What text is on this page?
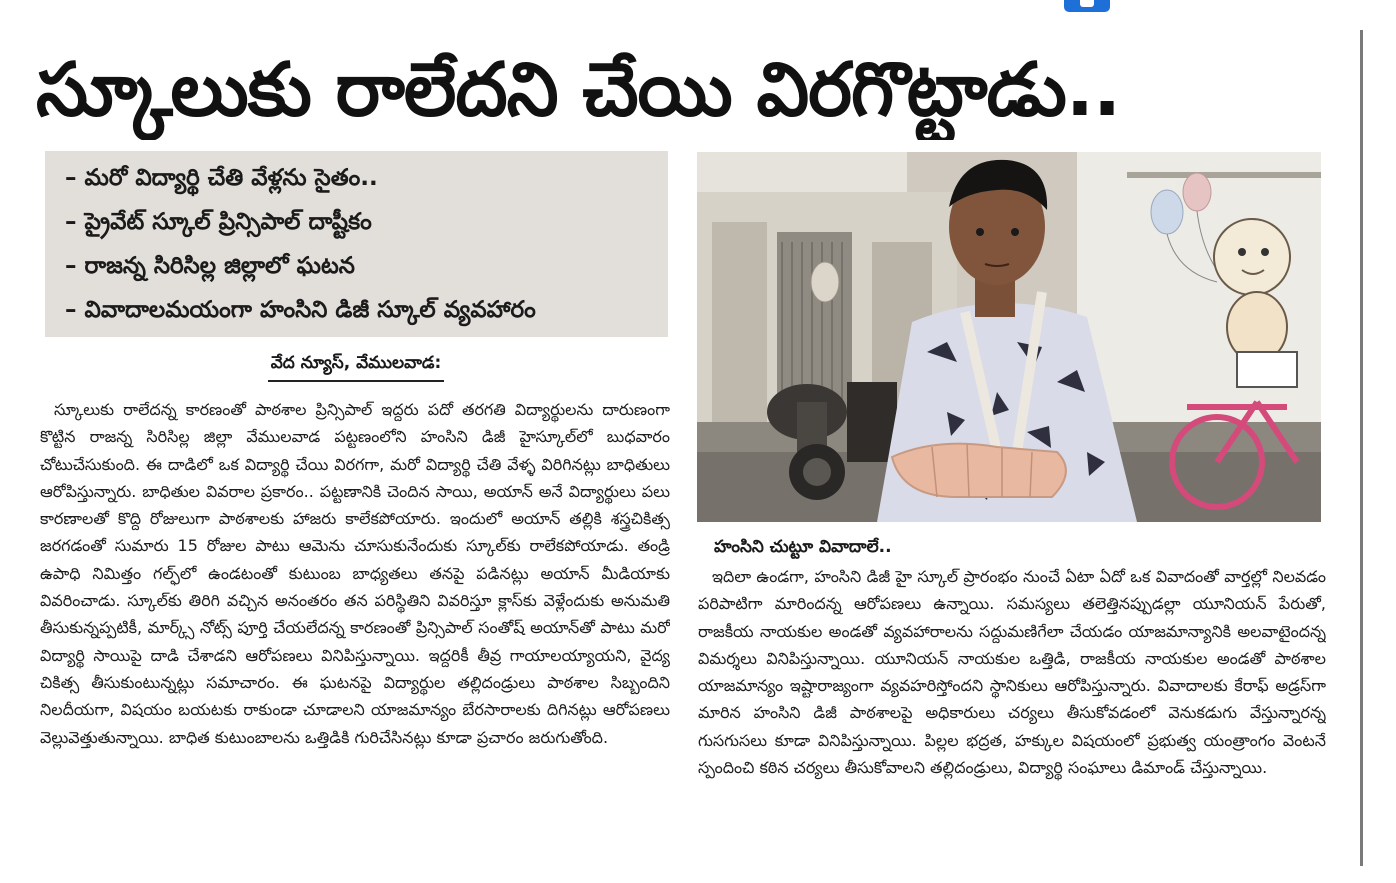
స్కూలుకు రాలేదని చేయి విరగొట్టాడు..
– మరో విద్యార్థి చేతి వేళ్లను సైతం..
– ప్రైవేట్ స్కూల్ ప్రిన్సిపాల్ దాష్టీకం
– రాజన్న సిరిసిల్ల జిల్లాలో ఘటన
– వివాదాలమయంగా హంసిని డిజీ స్కూల్ వ్యవహారం

వేద న్యూస్, వేములవాడ:

స్కూలుకు రాలేదన్న కారణంతో పాఠశాల ప్రిన్సిపాల్ ఇద్దరు పదో తరగతి విద్యార్థులను దారుణంగా కొట్టిన రాజన్న సిరిసిల్ల జిల్లా వేములవాడ పట్టణంలోని హంసిని డిజీ హైస్కూల్‌లో బుధవారం చోటుచేసుకుంది. ఈ దాడిలో ఒక విద్యార్థి చేయి విరగగా, మరో విద్యార్థి చేతి వేళ్ళ విరిగినట్లు బాధితులు ఆరోపిస్తున్నారు. బాధితుల వివరాల ప్రకారం.. పట్టణానికి చెందిన సాయి, అయాన్ అనే విద్యార్థులు పలు కారణాలతో కొద్ది రోజులుగా పాఠశాలకు హాజరు కాలేకపోయారు. ఇందులో అయాన్ తల్లికి శస్త్రచికిత్స జరగడంతో సుమారు 15 రోజుల పాటు ఆమెను చూసుకునేందుకు స్కూల్‌కు రాలేకపోయాడు. తండ్రి ఉపాధి నిమిత్తం గల్ఫ్‌లో ఉండటంతో కుటుంబ బాధ్యతలు తనపై పడినట్లు అయాన్ మీడియాకు వివరించాడు. స్కూల్‌కు తిరిగి వచ్చిన అనంతరం తన పరిస్థితిని వివరిస్తూ క్లాస్‌కు వెళ్లేందుకు అనుమతి తీసుకున్నప్పటికీ, మార్క్స్ నోట్స్ పూర్తి చేయలేదన్న కారణంతో ప్రిన్సిపాల్ సంతోష్ అయాన్‌తో పాటు మరో విద్యార్థి సాయిపై దాడి చేశాడని ఆరోపణలు వినిపిస్తున్నాయి. ఇద్దరికీ తీవ్ర గాయాలయ్యాయని, వైద్య చికిత్స తీసుకుంటున్నట్లు సమాచారం. ఈ ఘటనపై విద్యార్థుల తల్లిదండ్రులు పాఠశాల సిబ్బందిని నిలదీయగా, విషయం బయటకు రాకుండా చూడాలని యాజమాన్యం బేరసారాలకు దిగినట్లు ఆరోపణలు వెల్లువెత్తుతున్నాయి. బాధిత కుటుంబాలను ఒత్తిడికి గురిచేసినట్లు కూడా ప్రచారం జరుగుతోంది.

హంసిని చుట్టూ వివాదాలే..

ఇదిలా ఉండగా, హంసిని డిజీ హై స్కూల్ ప్రారంభం నుంచే ఏటా ఏదో ఒక వివాదంతో వార్తల్లో నిలవడం పరిపాటిగా మారిందన్న ఆరోపణలు ఉన్నాయి. సమస్యలు తలెత్తినప్పుడల్లా యూనియన్ పేరుతో, రాజకీయ నాయకుల అండతో వ్యవహారాలను సద్దుమణిగేలా చేయడం యాజమాన్యానికి అలవాటైందన్న విమర్శలు వినిపిస్తున్నాయి. యూనియన్ నాయకుల ఒత్తిడి, రాజకీయ నాయకుల అండతో పాఠశాల యాజమాన్యం ఇష్టారాజ్యంగా వ్యవహరిస్తోందని స్థానికులు ఆరోపిస్తున్నారు. వివాదాలకు కేరాఫ్ అడ్రస్‌గా మారిన హంసిని డిజీ పాఠశాలపై అధికారులు చర్యలు తీసుకోవడంలో వెనుకడుగు వేస్తున్నారన్న గుసగుసలు కూడా వినిపిస్తున్నాయి. పిల్లల భద్రత, హక్కుల విషయంలో ప్రభుత్వ యంత్రాంగం వెంటనే స్పందించి కఠిన చర్యలు తీసుకోవాలని తల్లిదండ్రులు, విద్యార్థి సంఘాలు డిమాండ్ చేస్తున్నాయి.
